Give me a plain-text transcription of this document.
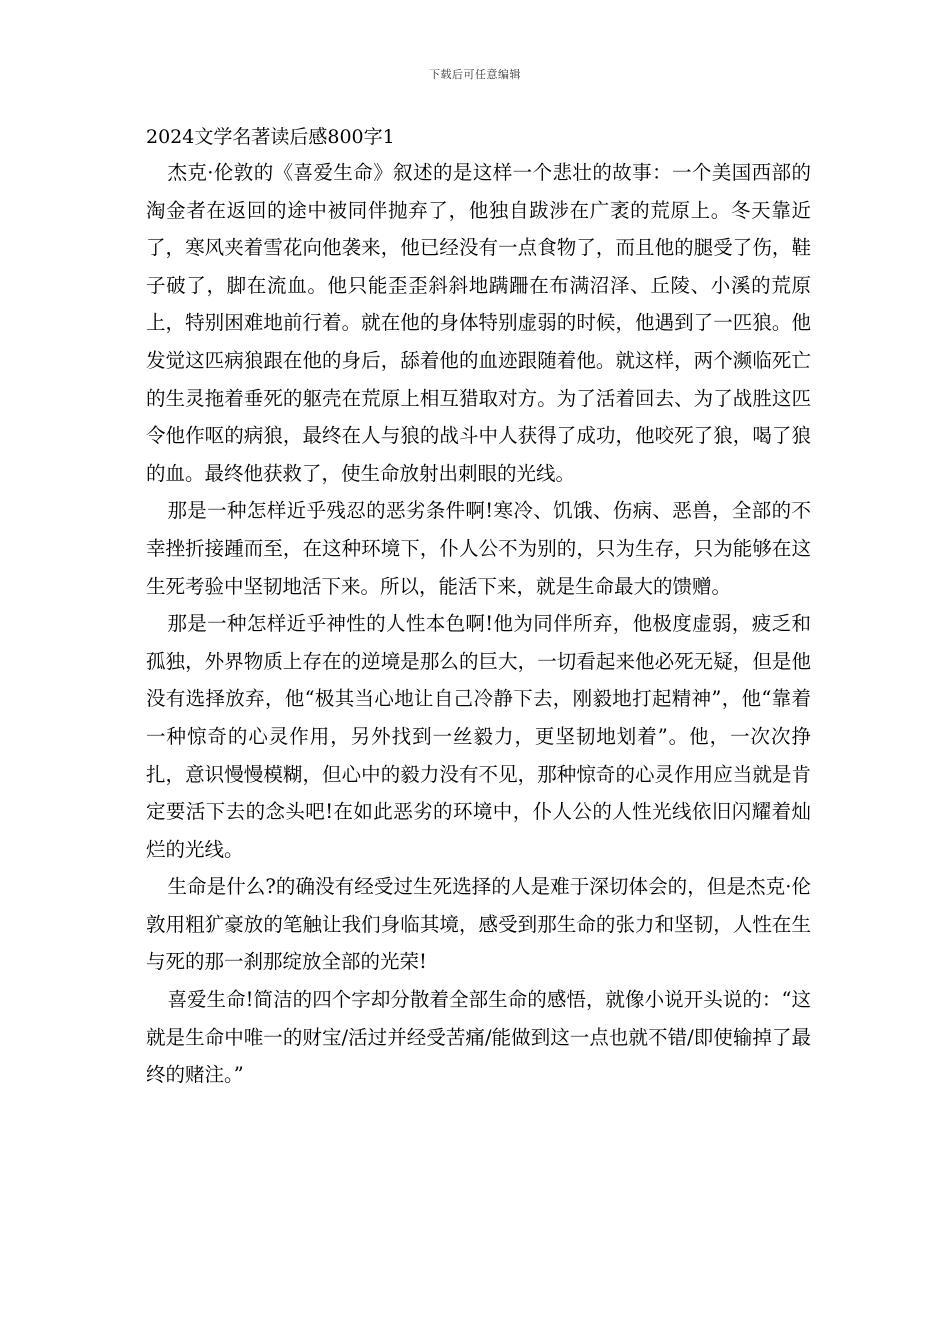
下载后可任意编辑
2024文学名著读后感800字1

杰克·伦敦的《喜爱生命》叙述的是这样一个悲壮的故事：一个美国西部的淘金者在返回的途中被同伴抛弃了，他独自跋涉在广袤的荒原上。冬天靠近了，寒风夹着雪花向他袭来，他已经没有一点食物了，而且他的腿受了伤，鞋子破了，脚在流血。他只能歪歪斜斜地蹒跚在布满沼泽、丘陵、小溪的荒原上，特别困难地前行着。就在他的身体特别虚弱的时候，他遇到了一匹狼。他发觉这匹病狼跟在他的身后，舔着他的血迹跟随着他。就这样，两个濒临死亡的生灵拖着垂死的躯壳在荒原上相互猎取对方。为了活着回去、为了战胜这匹令他作呕的病狼，最终在人与狼的战斗中人获得了成功，他咬死了狼，喝了狼的血。最终他获救了，使生命放射出刺眼的光线。

那是一种怎样近乎残忍的恶劣条件啊!寒冷、饥饿、伤病、恶兽，全部的不幸挫折接踵而至，在这种环境下，仆人公不为别的，只为生存，只为能够在这生死考验中坚韧地活下来。所以，能活下来，就是生命最大的馈赠。

那是一种怎样近乎神性的人性本色啊!他为同伴所弃，他极度虚弱，疲乏和孤独，外界物质上存在的逆境是那么的巨大，一切看起来他必死无疑，但是他没有选择放弃，他“极其当心地让自己冷静下去，刚毅地打起精神”，他“靠着一种惊奇的心灵作用，另外找到一丝毅力，更坚韧地划着”。他，一次次挣扎，意识慢慢模糊，但心中的毅力没有不见，那种惊奇的心灵作用应当就是肯定要活下去的念头吧!在如此恶劣的环境中，仆人公的人性光线依旧闪耀着灿烂的光线。

生命是什么?的确没有经受过生死选择的人是难于深切体会的，但是杰克·伦敦用粗犷豪放的笔触让我们身临其境，感受到那生命的张力和坚韧，人性在生与死的那一刹那绽放全部的光荣!

喜爱生命!简洁的四个字却分散着全部生命的感悟，就像小说开头说的：“这就是生命中唯一的财宝/活过并经受苦痛/能做到这一点也就不错/即使输掉了最终的赌注。”
